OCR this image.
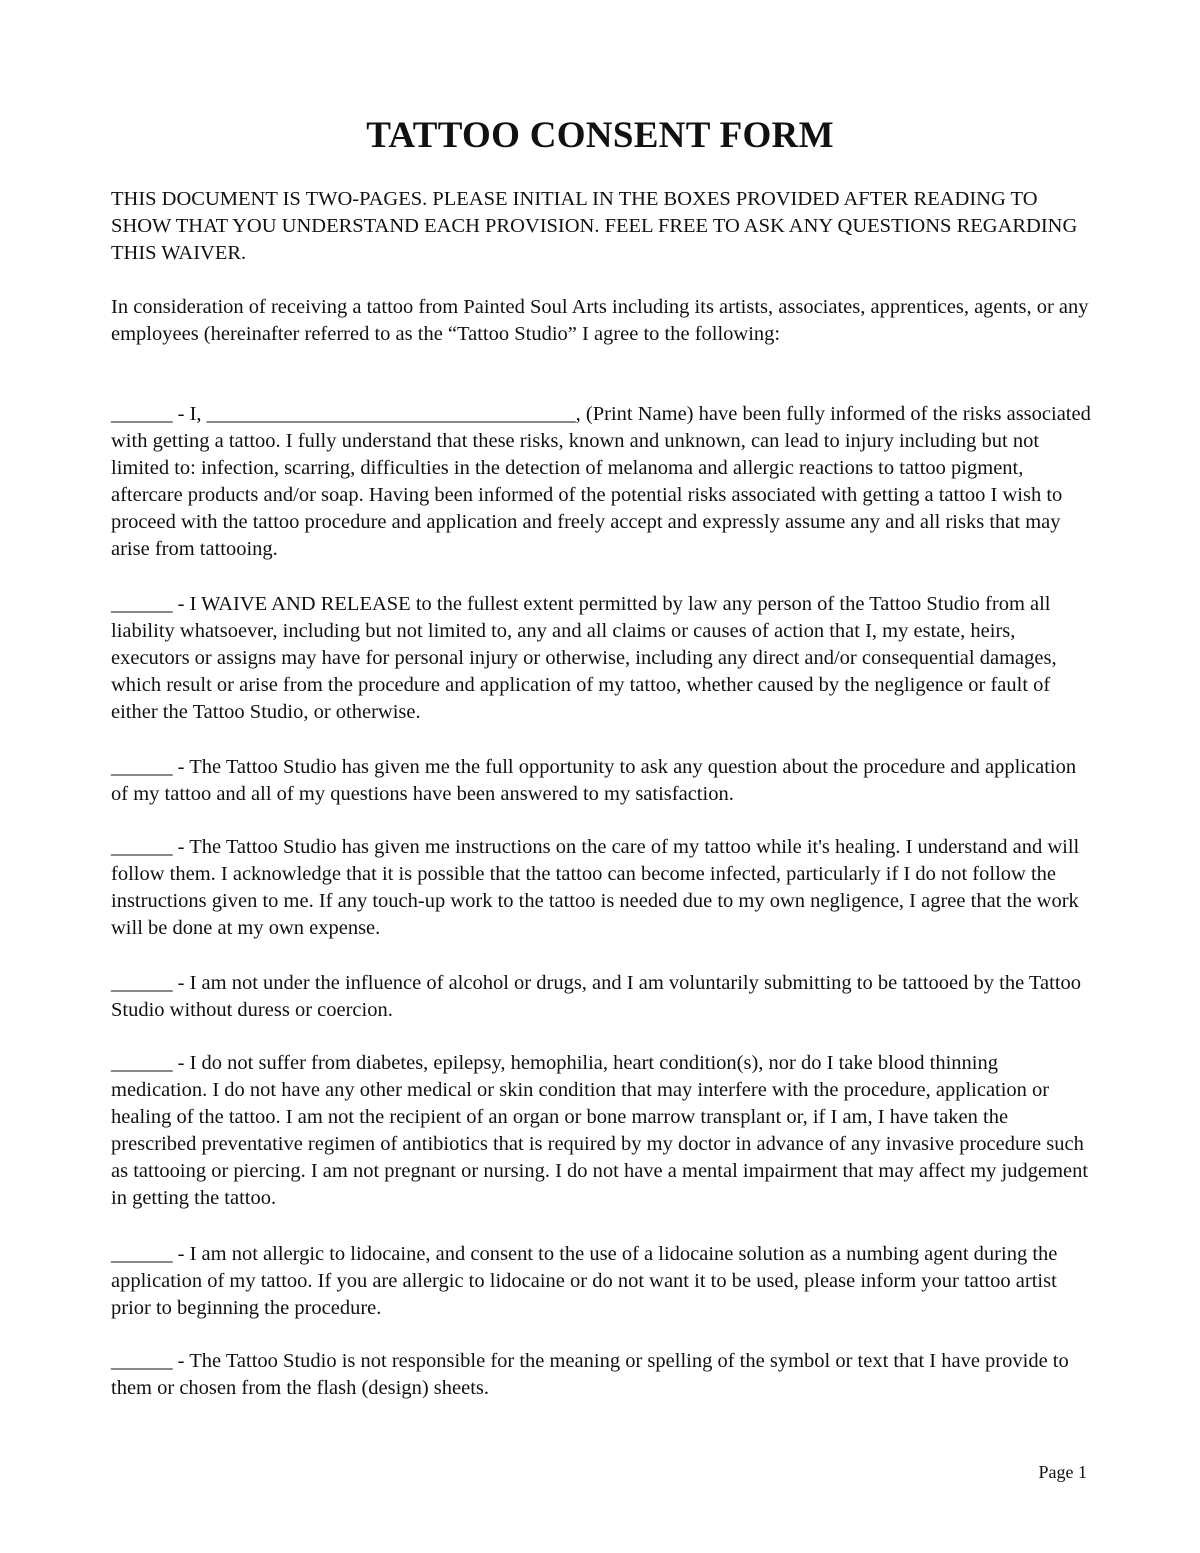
TATTOO CONSENT FORM

THIS DOCUMENT IS TWO-PAGES. PLEASE INITIAL IN THE BOXES PROVIDED AFTER READING TO SHOW THAT YOU UNDERSTAND EACH PROVISION. FEEL FREE TO ASK ANY QUESTIONS REGARDING THIS WAIVER.

In consideration of receiving a tattoo from Painted Soul Arts including its artists, associates, apprentices, agents, or any employees (hereinafter referred to as the “Tattoo Studio” I agree to the following:

______ - I, ____________________________________, (Print Name) have been fully informed of the risks associated with getting a tattoo. I fully understand that these risks, known and unknown, can lead to injury including but not limited to: infection, scarring, difficulties in the detection of melanoma and allergic reactions to tattoo pigment, aftercare products and/or soap. Having been informed of the potential risks associated with getting a tattoo I wish to proceed with the tattoo procedure and application and freely accept and expressly assume any and all risks that may arise from tattooing.

______ - I WAIVE AND RELEASE to the fullest extent permitted by law any person of the Tattoo Studio from all liability whatsoever, including but not limited to, any and all claims or causes of action that I, my estate, heirs, executors or assigns may have for personal injury or otherwise, including any direct and/or consequential damages, which result or arise from the procedure and application of my tattoo, whether caused by the negligence or fault of either the Tattoo Studio, or otherwise.

______ - The Tattoo Studio has given me the full opportunity to ask any question about the procedure and application of my tattoo and all of my questions have been answered to my satisfaction.

______ - The Tattoo Studio has given me instructions on the care of my tattoo while it's healing. I understand and will follow them. I acknowledge that it is possible that the tattoo can become infected, particularly if I do not follow the instructions given to me. If any touch-up work to the tattoo is needed due to my own negligence, I agree that the work will be done at my own expense.

______ - I am not under the influence of alcohol or drugs, and I am voluntarily submitting to be tattooed by the Tattoo Studio without duress or coercion.

______ - I do not suffer from diabetes, epilepsy, hemophilia, heart condition(s), nor do I take blood thinning medication. I do not have any other medical or skin condition that may interfere with the procedure, application or healing of the tattoo. I am not the recipient of an organ or bone marrow transplant or, if I am, I have taken the prescribed preventative regimen of antibiotics that is required by my doctor in advance of any invasive procedure such as tattooing or piercing. I am not pregnant or nursing. I do not have a mental impairment that may affect my judgement in getting the tattoo.

______ - I am not allergic to lidocaine, and consent to the use of a lidocaine solution as a numbing agent during the application of my tattoo. If you are allergic to lidocaine or do not want it to be used, please inform your tattoo artist prior to beginning the procedure.

______ - The Tattoo Studio is not responsible for the meaning or spelling of the symbol or text that I have provide to them or chosen from the flash (design) sheets.

Page 1
